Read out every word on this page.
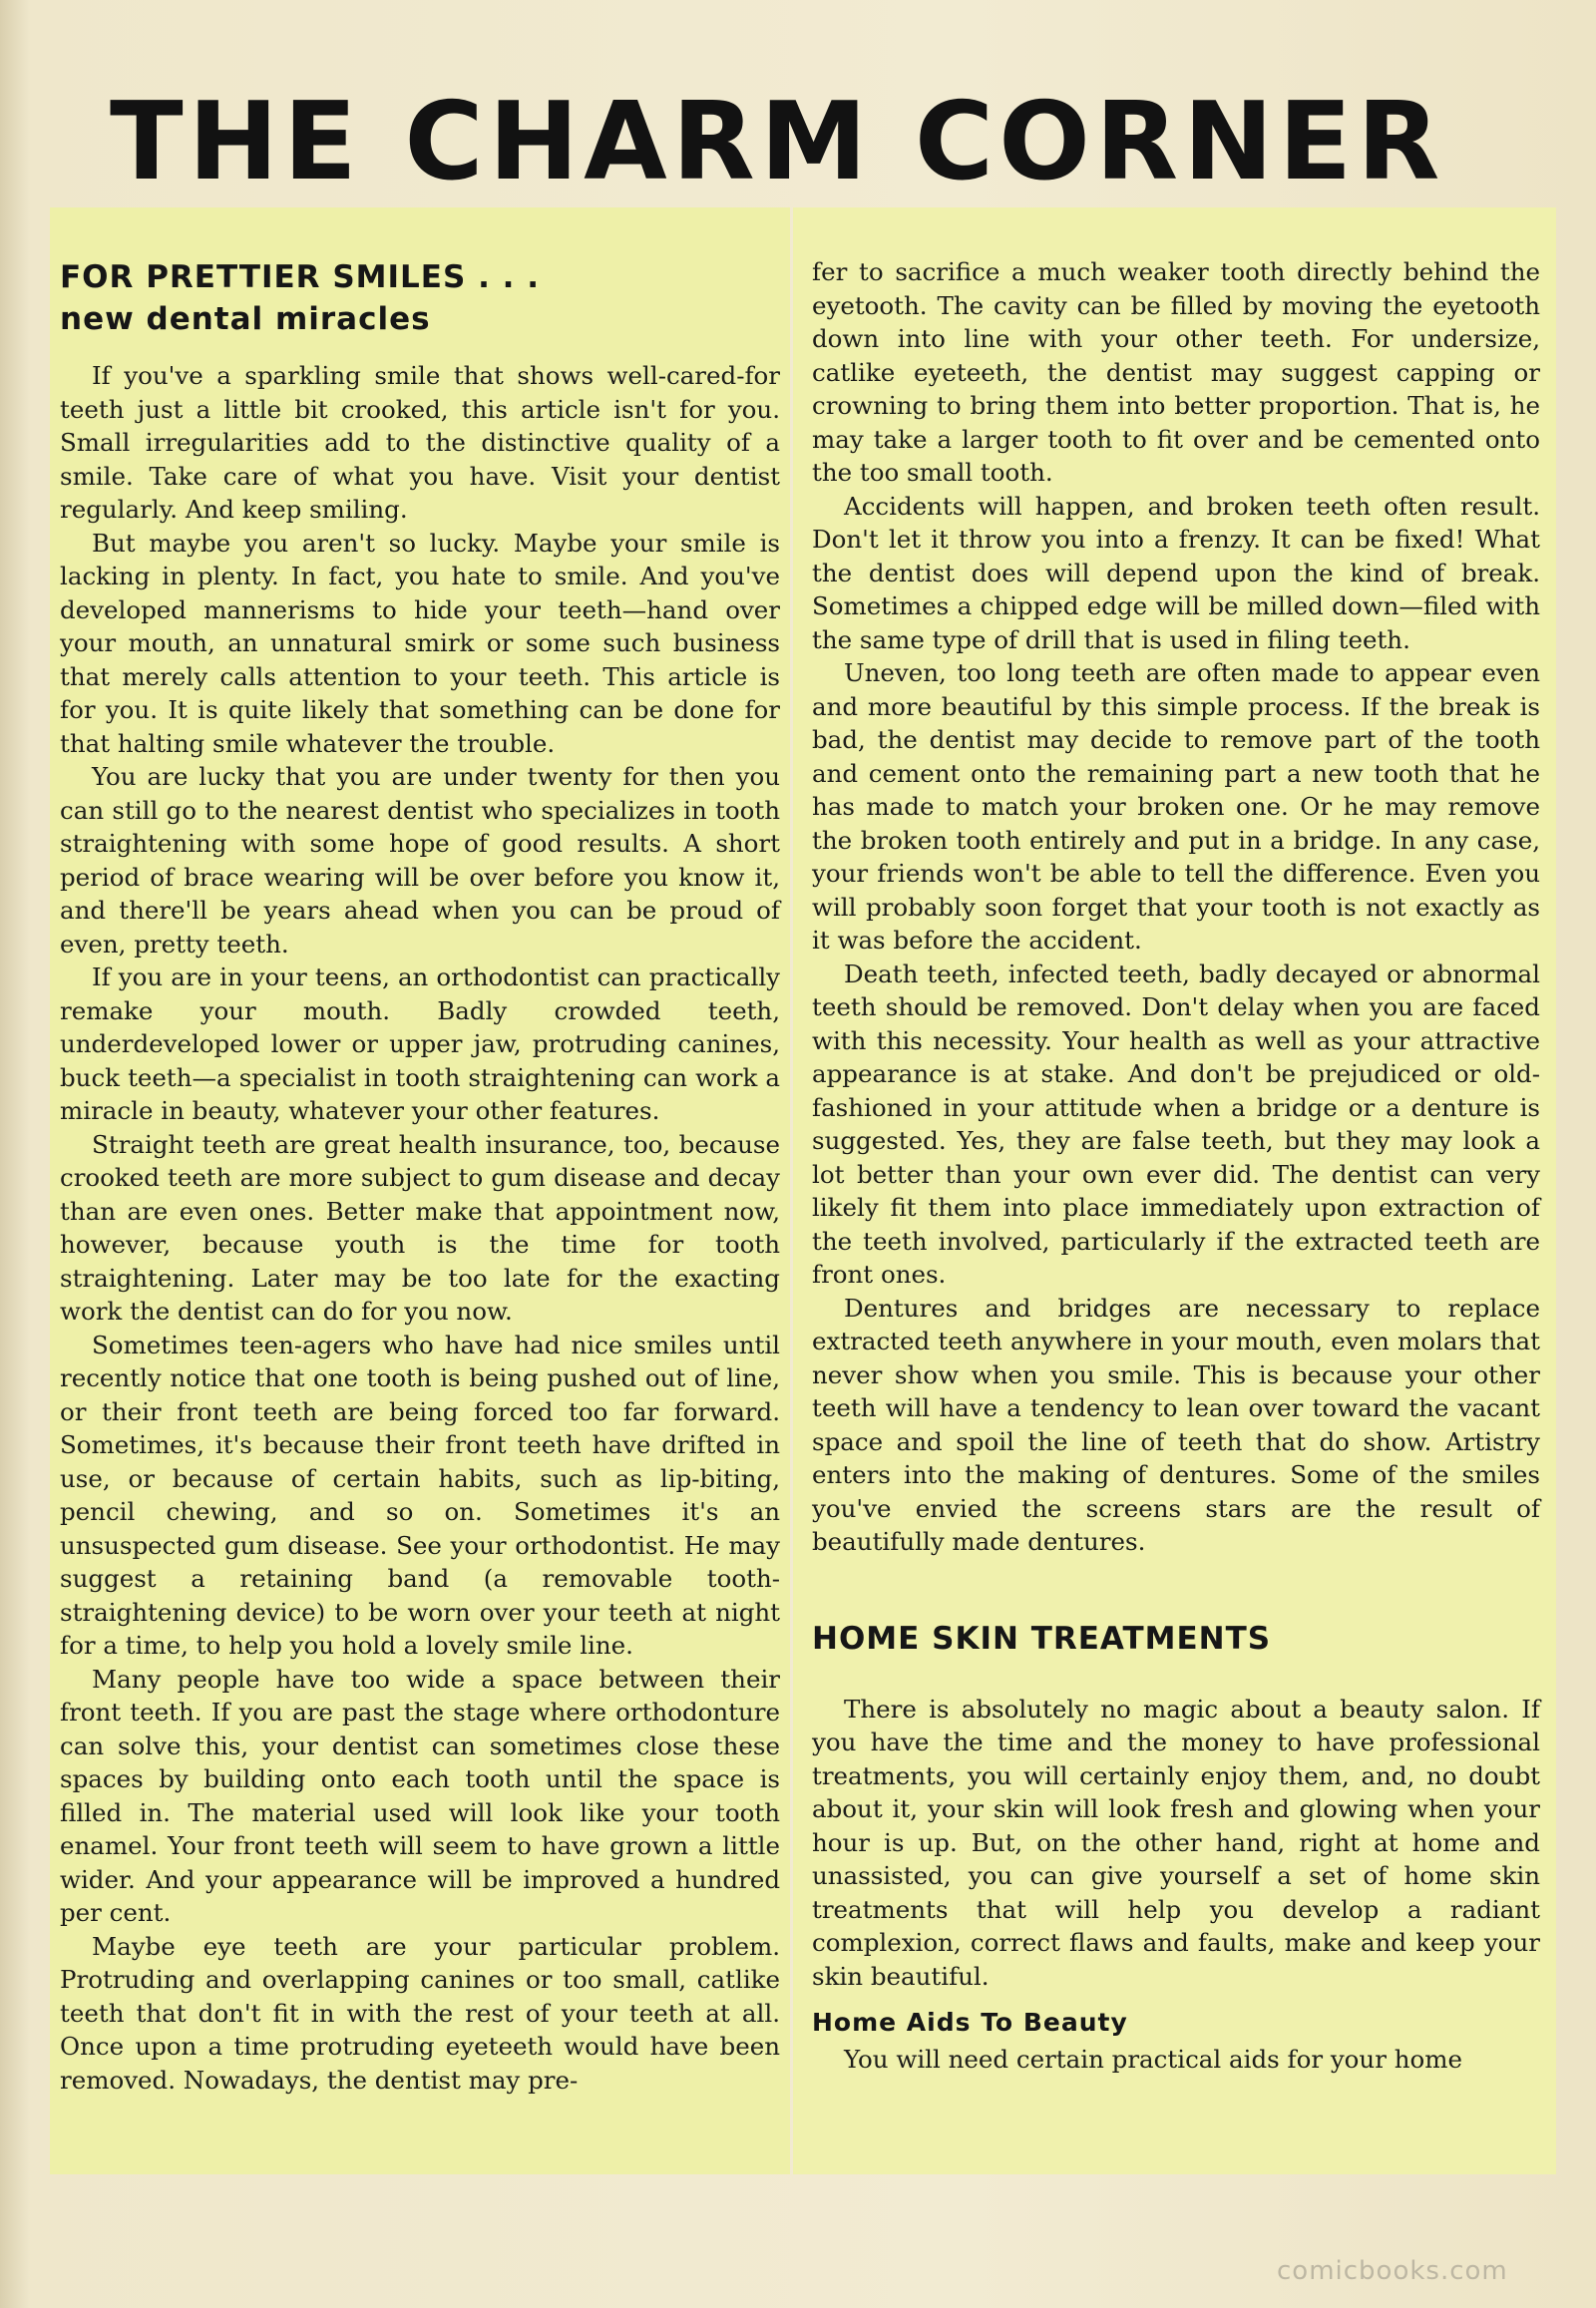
THE CHARM CORNER
FOR PRETTIER SMILES . . .
new dental miracles

If you've a sparkling smile that shows well-cared-for teeth just a little bit crooked, this article isn't for you. Small irregularities add to the distinctive quality of a smile. Take care of what you have. Visit your dentist regularly. And keep smiling.

But maybe you aren't so lucky. Maybe your smile is lacking in plenty. In fact, you hate to smile. And you've developed mannerisms to hide your teeth—hand over your mouth, an unnatural smirk or some such business that merely calls attention to your teeth. This article is for you. It is quite likely that something can be done for that halting smile whatever the trouble.

You are lucky that you are under twenty for then you can still go to the nearest dentist who specializes in tooth straightening with some hope of good results. A short period of brace wearing will be over before you know it, and there'll be years ahead when you can be proud of even, pretty teeth.

If you are in your teens, an orthodontist can practically remake your mouth. Badly crowded teeth, underdeveloped lower or upper jaw, protruding canines, buck teeth—a specialist in tooth straightening can work a miracle in beauty, whatever your other features.

Straight teeth are great health insurance, too, because crooked teeth are more subject to gum disease and decay than are even ones. Better make that appointment now, however, because youth is the time for tooth straightening. Later may be too late for the exacting work the dentist can do for you now.

Sometimes teen-agers who have had nice smiles until recently notice that one tooth is being pushed out of line, or their front teeth are being forced too far forward. Sometimes, it's because their front teeth have drifted in use, or because of certain habits, such as lip-biting, pencil chewing, and so on. Sometimes it's an unsuspected gum disease. See your orthodontist. He may suggest a retaining band (a removable tooth-straightening device) to be worn over your teeth at night for a time, to help you hold a lovely smile line.

Many people have too wide a space between their front teeth. If you are past the stage where orthodonture can solve this, your dentist can sometimes close these spaces by building onto each tooth until the space is filled in. The material used will look like your tooth enamel. Your front teeth will seem to have grown a little wider. And your appearance will be improved a hundred per cent.

Maybe eye teeth are your particular problem. Protruding and overlapping canines or too small, catlike teeth that don't fit in with the rest of your teeth at all. Once upon a time protruding eyeteeth would have been removed. Nowadays, the dentist may pre-

fer to sacrifice a much weaker tooth directly behind the eyetooth. The cavity can be filled by moving the eyetooth down into line with your other teeth. For undersize, catlike eyeteeth, the dentist may suggest capping or crowning to bring them into better proportion. That is, he may take a larger tooth to fit over and be cemented onto the too small tooth.

Accidents will happen, and broken teeth often result. Don't let it throw you into a frenzy. It can be fixed! What the dentist does will depend upon the kind of break. Sometimes a chipped edge will be milled down—filed with the same type of drill that is used in filing teeth.

Uneven, too long teeth are often made to appear even and more beautiful by this simple process. If the break is bad, the dentist may decide to remove part of the tooth and cement onto the remaining part a new tooth that he has made to match your broken one. Or he may remove the broken tooth entirely and put in a bridge. In any case, your friends won't be able to tell the difference. Even you will probably soon forget that your tooth is not exactly as it was before the accident.

Death teeth, infected teeth, badly decayed or abnormal teeth should be removed. Don't delay when you are faced with this necessity. Your health as well as your attractive appearance is at stake. And don't be prejudiced or old-fashioned in your attitude when a bridge or a denture is suggested. Yes, they are false teeth, but they may look a lot better than your own ever did. The dentist can very likely fit them into place immediately upon extraction of the teeth involved, particularly if the extracted teeth are front ones.

Dentures and bridges are necessary to replace extracted teeth anywhere in your mouth, even molars that never show when you smile. This is because your other teeth will have a tendency to lean over toward the vacant space and spoil the line of teeth that do show. Artistry enters into the making of dentures. Some of the smiles you've envied the screens stars are the result of beautifully made dentures.

HOME SKIN TREATMENTS

There is absolutely no magic about a beauty salon. If you have the time and the money to have professional treatments, you will certainly enjoy them, and, no doubt about it, your skin will look fresh and glowing when your hour is up. But, on the other hand, right at home and unassisted, you can give yourself a set of home skin treatments that will help you develop a radiant complexion, correct flaws and faults, make and keep your skin beautiful.

Home Aids To Beauty

You will need certain practical aids for your home

comicbooks.com
